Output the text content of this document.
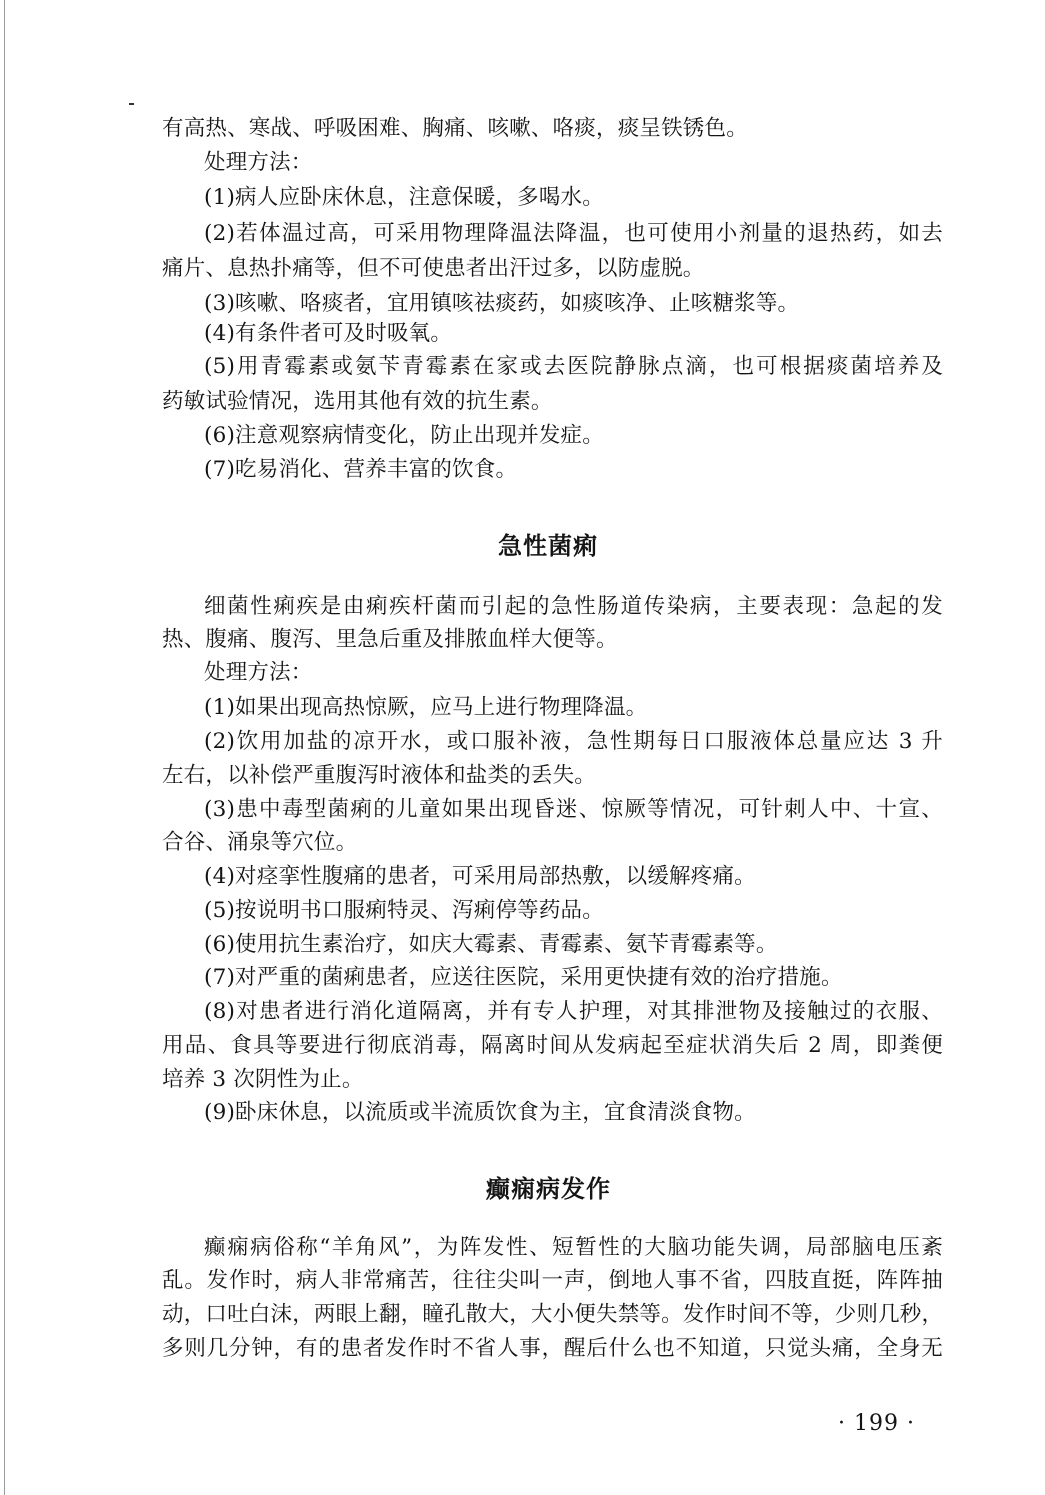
有高热、寒战、呼吸困难、胸痛、咳嗽、咯痰，痰呈铁锈色。
处理方法：
(1)病人应卧床休息，注意保暖，多喝水。
(2)若体温过高，可采用物理降温法降温，也可使用小剂量的退热药，如去
痛片、息热扑痛等，但不可使患者出汗过多，以防虚脱。
(3)咳嗽、咯痰者，宜用镇咳祛痰药，如痰咳净、止咳糖浆等。
(4)有条件者可及时吸氧。
(5)用青霉素或氨苄青霉素在家或去医院静脉点滴，也可根据痰菌培养及
药敏试验情况，选用其他有效的抗生素。
(6)注意观察病情变化，防止出现并发症。
(7)吃易消化、营养丰富的饮食。
急性菌痢
细菌性痢疾是由痢疾杆菌而引起的急性肠道传染病，主要表现：急起的发
热、腹痛、腹泻、里急后重及排脓血样大便等。
处理方法：
(1)如果出现高热惊厥，应马上进行物理降温。
(2)饮用加盐的凉开水，或口服补液，急性期每日口服液体总量应达 3 升
左右，以补偿严重腹泻时液体和盐类的丢失。
(3)患中毒型菌痢的儿童如果出现昏迷、惊厥等情况，可针刺人中、十宣、
合谷、涌泉等穴位。
(4)对痉挛性腹痛的患者，可采用局部热敷，以缓解疼痛。
(5)按说明书口服痢特灵、泻痢停等药品。
(6)使用抗生素治疗，如庆大霉素、青霉素、氨苄青霉素等。
(7)对严重的菌痢患者，应送往医院，采用更快捷有效的治疗措施。
(8)对患者进行消化道隔离，并有专人护理，对其排泄物及接触过的衣服、
用品、食具等要进行彻底消毒，隔离时间从发病起至症状消失后 2 周，即粪便
培养 3 次阴性为止。
(9)卧床休息，以流质或半流质饮食为主，宜食清淡食物。
癫痫病发作
癫痫病俗称“羊角风”，为阵发性、短暂性的大脑功能失调，局部脑电压紊
乱。发作时，病人非常痛苦，往往尖叫一声，倒地人事不省，四肢直挺，阵阵抽
动，口吐白沫，两眼上翻，瞳孔散大，大小便失禁等。发作时间不等，少则几秒，
多则几分钟，有的患者发作时不省人事，醒后什么也不知道，只觉头痛，全身无
· 199 ·
